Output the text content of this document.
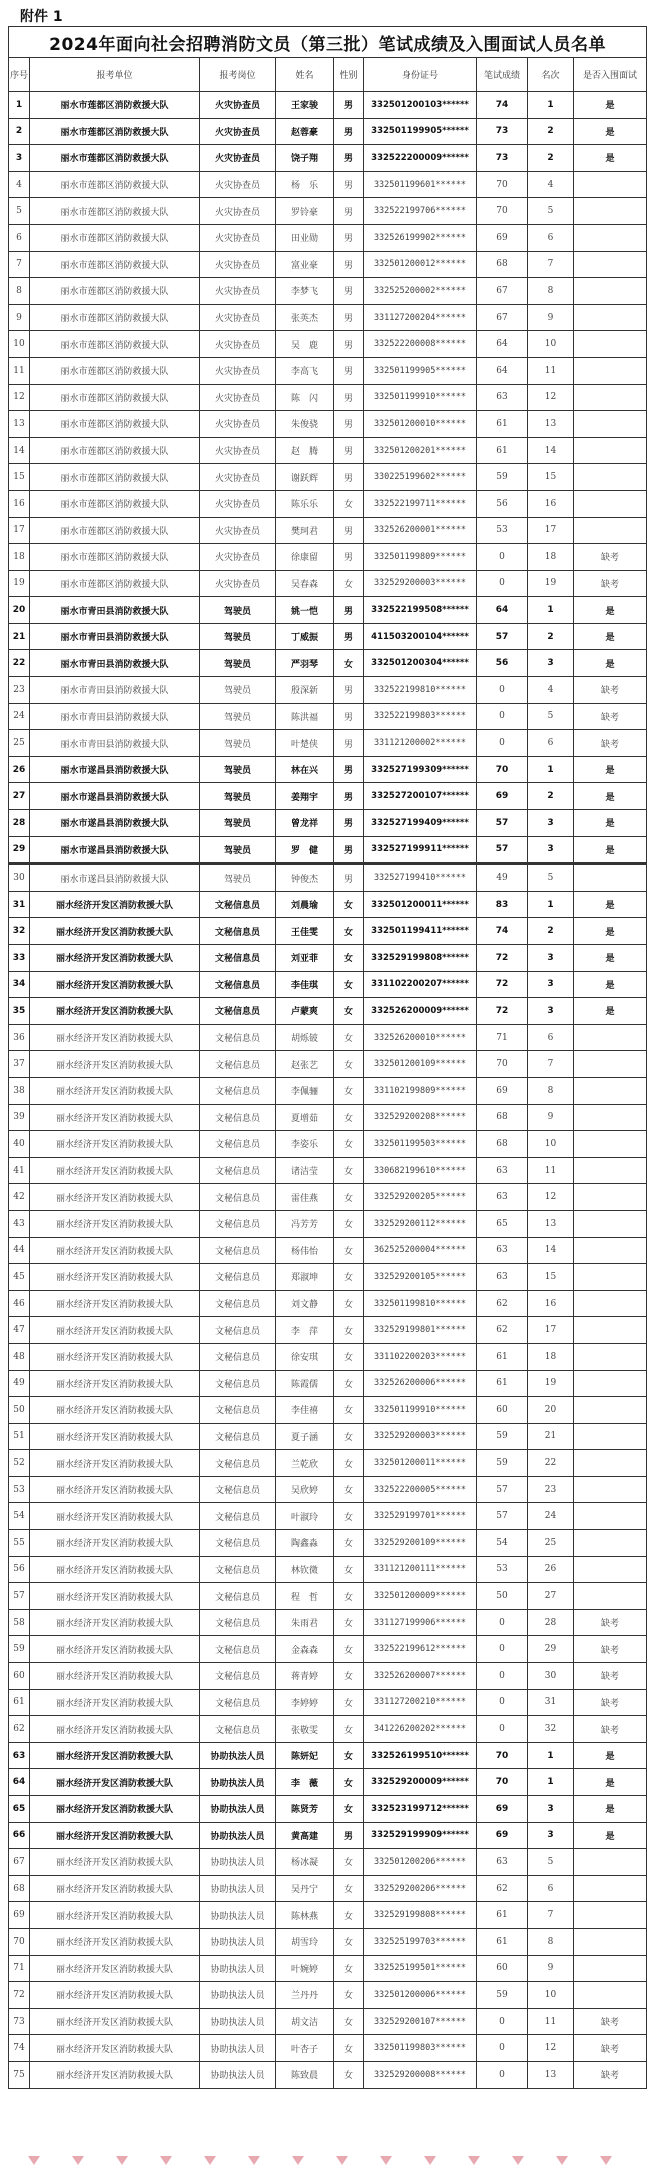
附件 1
2024年面向社会招聘消防文员（第三批）笔试成绩及入围面试人员名单								
序号	报考单位	报考岗位	姓名	性别	身份证号	笔试成绩	名次	是否入围面试
1	丽水市莲都区消防救援大队	火灾协查员	王家骏	男	33250120010З******	74	1	是
2	丽水市莲都区消防救援大队	火灾协查员	赵蓉豪	男	332501199905******	73	2	是
3	丽水市莲都区消防救援大队	火灾协查员	饶子翔	男	332522200009******	73	2	是
4	丽水市莲都区消防救援大队	火灾协查员	杨　乐	男	332501199601******	70	4	
5	丽水市莲都区消防救援大队	火灾协查员	罗铃豪	男	332522199706******	70	5	
6	丽水市莲都区消防救援大队	火灾协查员	田业勋	男	332526199902******	69	6	
7	丽水市莲都区消防救援大队	火灾协查员	富业豪	男	332501200012******	68	7	
8	丽水市莲都区消防救援大队	火灾协查员	李梦飞	男	332525200002******	67	8	
9	丽水市莲都区消防救援大队	火灾协查员	张英杰	男	331127200204******	67	9	
10	丽水市莲都区消防救援大队	火灾协查员	吴　鹿	男	332522200008******	64	10	
11	丽水市莲都区消防救援大队	火灾协查员	李高飞	男	332501199905******	64	11	
12	丽水市莲都区消防救援大队	火灾协查员	陈　闪	男	332501199910******	63	12	
13	丽水市莲都区消防救援大队	火灾协查员	朱俊骁	男	332501200010******	61	13	
14	丽水市莲都区消防救援大队	火灾协查员	赵　腾	男	332501200201******	61	14	
15	丽水市莲都区消防救援大队	火灾协查员	谢跃辉	男	330225199602******	59	15	
16	丽水市莲都区消防救援大队	火灾协查员	陈乐乐	女	332522199711******	56	16	
17	丽水市莲都区消防救援大队	火灾协查员	樊珂君	男	332526200001******	53	17	
18	丽水市莲都区消防救援大队	火灾协查员	徐康留	男	332501199809******	0	18	缺考
19	丽水市莲都区消防救援大队	火灾协查员	吴春森	女	332529200003******	0	19	缺考
20	丽水市青田县消防救援大队	驾驶员	姚一恺	男	332522199508******	64	1	是
21	丽水市青田县消防救援大队	驾驶员	丁威振	男	411503200104******	57	2	是
22	丽水市青田县消防救援大队	驾驶员	严羽琴	女	332501200304******	56	3	是
23	丽水市青田县消防救援大队	驾驶员	殷深新	男	332522199810******	0	4	缺考
24	丽水市青田县消防救援大队	驾驶员	陈洪福	男	332522199803******	0	5	缺考
25	丽水市青田县消防救援大队	驾驶员	叶楚侠	男	331121200002******	0	6	缺考
26	丽水市遂昌县消防救援大队	驾驶员	林在兴	男	332527199309******	70	1	是
27	丽水市遂昌县消防救援大队	驾驶员	姜翔宇	男	332527200107******	69	2	是
28	丽水市遂昌县消防救援大队	驾驶员	曾龙祥	男	332527199409******	57	3	是
29	丽水市遂昌县消防救援大队	驾驶员	罗　健	男	332527199911******	57	3	是
30	丽水市遂昌县消防救援大队	驾驶员	钟俊杰	男	332527199410******	49	5	
31	丽水经济开发区消防救援大队	文秘信息员	刘晨瑜	女	332501200011******	83	1	是
32	丽水经济开发区消防救援大队	文秘信息员	王佳雯	女	332501199411******	74	2	是
33	丽水经济开发区消防救援大队	文秘信息员	刘亚菲	女	332529199808******	72	3	是
34	丽水经济开发区消防救援大队	文秘信息员	李佳琪	女	331102200207******	72	3	是
35	丽水经济开发区消防救援大队	文秘信息员	卢蒙爽	女	332526200009******	72	3	是
36	丽水经济开发区消防救援大队	文秘信息员	胡烁铍	女	332526200010******	71	6	
37	丽水经济开发区消防救援大队	文秘信息员	赵张艺	女	332501200109******	70	7	
38	丽水经济开发区消防救援大队	文秘信息员	李佩骊	女	331102199809******	69	8	
39	丽水经济开发区消防救援大队	文秘信息员	夏增茹	女	332529200208******	68	9	
40	丽水经济开发区消防救援大队	文秘信息员	李姿乐	女	332501199503******	68	10	
41	丽水经济开发区消防救援大队	文秘信息员	诸洁莹	女	330682199610******	63	11	
42	丽水经济开发区消防救援大队	文秘信息员	雷佳燕	女	332529200205******	63	12	
43	丽水经济开发区消防救援大队	文秘信息员	冯芳芳	女	332529200112******	65	13	
44	丽水经济开发区消防救援大队	文秘信息员	杨伟怡	女	362525200004******	63	14	
45	丽水经济开发区消防救援大队	文秘信息员	郑淑坤	女	332529200105******	63	15	
46	丽水经济开发区消防救援大队	文秘信息员	刘文静	女	332501199810******	62	16	
47	丽水经济开发区消防救援大队	文秘信息员	李　萍	女	332529199801******	62	17	
48	丽水经济开发区消防救援大队	文秘信息员	徐安琪	女	331102200203******	61	18	
49	丽水经济开发区消防救援大队	文秘信息员	陈霞儒	女	332526200006******	61	19	
50	丽水经济开发区消防救援大队	文秘信息员	李佳禧	女	332501199910******	60	20	
51	丽水经济开发区消防救援大队	文秘信息员	夏子涵	女	332529200003******	59	21	
52	丽水经济开发区消防救援大队	文秘信息员	兰乾欣	女	332501200011******	59	22	
53	丽水经济开发区消防救援大队	文秘信息员	吴欣婷	女	332522200005******	57	23	
54	丽水经济开发区消防救援大队	文秘信息员	叶淑玲	女	332529199701******	57	24	
55	丽水经济开发区消防救援大队	文秘信息员	陶鑫淼	女	332529200109******	54	25	
56	丽水经济开发区消防救援大队	文秘信息员	林钦微	女	331121200111******	53	26	
57	丽水经济开发区消防救援大队	文秘信息员	程　哲	女	332501200009******	50	27	
58	丽水经济开发区消防救援大队	文秘信息员	朱雨君	女	331127199906******	0	28	缺考
59	丽水经济开发区消防救援大队	文秘信息员	金森森	女	332522199612******	0	29	缺考
60	丽水经济开发区消防救援大队	文秘信息员	蒋青婷	女	332526200007******	0	30	缺考
61	丽水经济开发区消防救援大队	文秘信息员	李婷婷	女	331127200210******	0	31	缺考
62	丽水经济开发区消防救援大队	文秘信息员	张敬雯	女	341226200202******	0	32	缺考
63	丽水经济开发区消防救援大队	协助执法人员	陈妍妃	女	332526199510******	70	1	是
64	丽水经济开发区消防救援大队	协助执法人员	李　薇	女	332529200009******	70	1	是
65	丽水经济开发区消防救援大队	协助执法人员	陈贤芳	女	332523199712******	69	3	是
66	丽水经济开发区消防救援大队	协助执法人员	黄高建	男	332529199909******	69	3	是
67	丽水经济开发区消防救援大队	协助执法人员	杨冰凝	女	332501200206******	63	5	
68	丽水经济开发区消防救援大队	协助执法人员	吴丹宁	女	332529200206******	62	6	
69	丽水经济开发区消防救援大队	协助执法人员	陈林燕	女	332529199808******	61	7	
70	丽水经济开发区消防救援大队	协助执法人员	胡雪玲	女	332525199703******	61	8	
71	丽水经济开发区消防救援大队	协助执法人员	叶婉婷	女	332525199501******	60	9	
72	丽水经济开发区消防救援大队	协助执法人员	兰丹丹	女	332501200006******	59	10	
73	丽水经济开发区消防救援大队	协助执法人员	胡文洁	女	332529200107******	0	11	缺考
74	丽水经济开发区消防救援大队	协助执法人员	叶杏子	女	332501199803******	0	12	缺考
75	丽水经济开发区消防救援大队	协助执法人员	陈致晨	女	332529200008******	0	13	缺考
